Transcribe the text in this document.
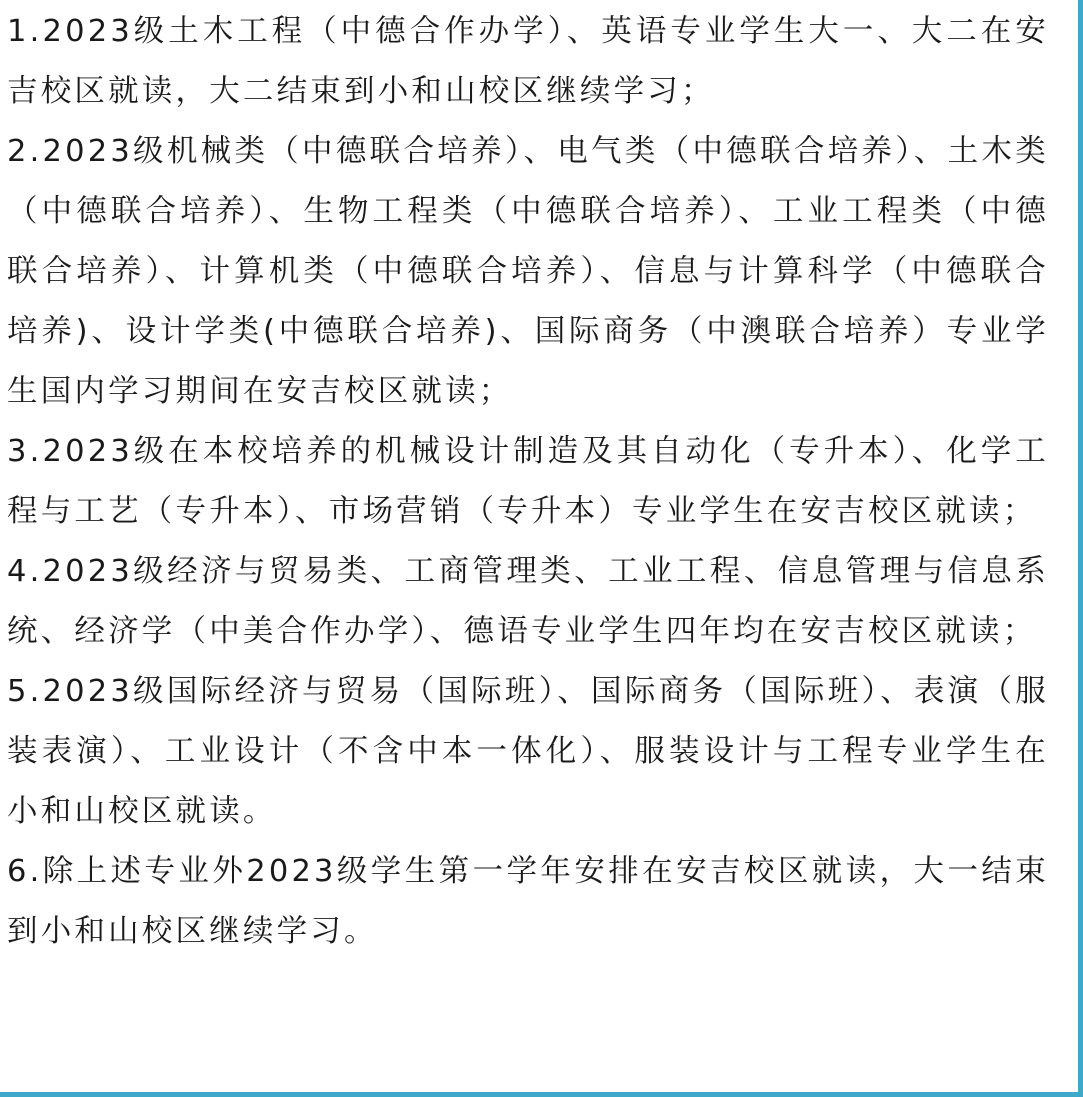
1.2023级土木工程（中德合作办学）、英语专业学生大一、大二在安吉校区就读，大二结束到小和山校区继续学习；

2.2023级机械类（中德联合培养）、电气类（中德联合培养）、土木类（中德联合培养）、生物工程类（中德联合培养）、工业工程类（中德联合培养）、计算机类（中德联合培养）、信息与计算科学（中德联合培养)、设计学类(中德联合培养)、国际商务（中澳联合培养）专业学生国内学习期间在安吉校区就读；

3.2023级在本校培养的机械设计制造及其自动化（专升本）、化学工程与工艺（专升本）、市场营销（专升本）专业学生在安吉校区就读；

4.2023级经济与贸易类、工商管理类、工业工程、信息管理与信息系统、经济学（中美合作办学）、德语专业学生四年均在安吉校区就读；

5.2023级国际经济与贸易（国际班）、国际商务（国际班）、表演（服装表演）、工业设计（不含中本一体化）、服装设计与工程专业学生在小和山校区就读。

6.除上述专业外2023级学生第一学年安排在安吉校区就读，大一结束到小和山校区继续学习。
